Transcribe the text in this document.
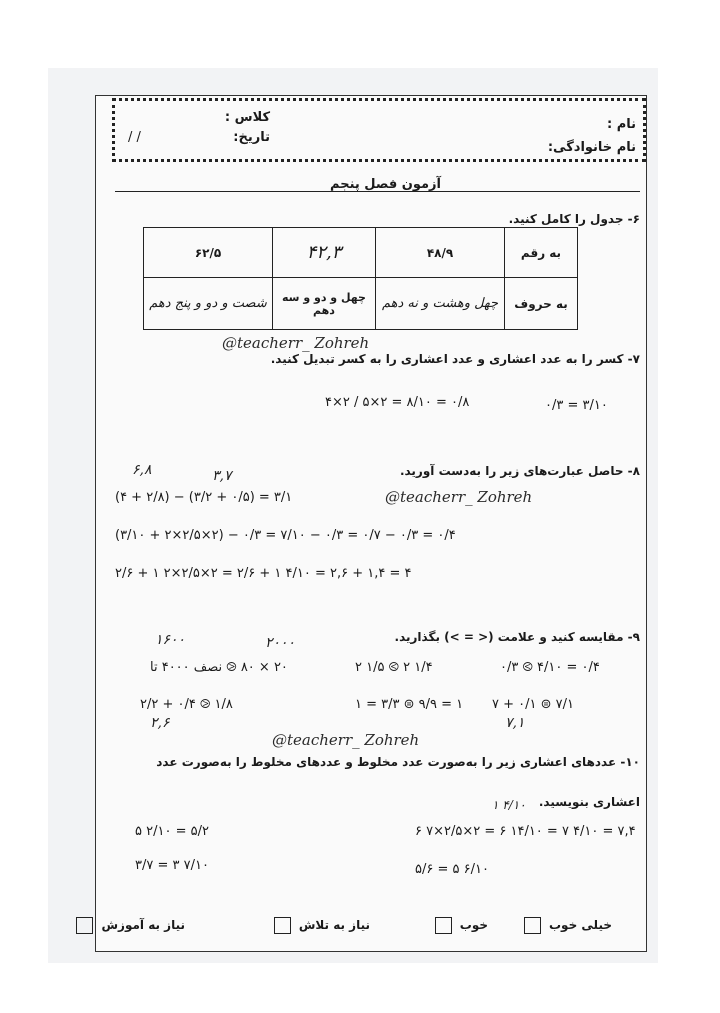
نام :
نام خانوادگی:
کلاس :
تاریخ:
/ /
آزمون فصل پنجم
۶- جدول را کامل کنید.
۶۲/۵	۴۲,۳	۴۸/۹	به رقم
شصت و دو و پنج دهم	چهل و دو و سه دهم	چهل وهشت و نه دهم	به حروف
@teacherr_ Zohreh
۷- کسر را به عدد اعشاری و عدد اعشاری را به کسر تبدیل کنید.
۴×۲ / ۵×۲ = ۸/۱۰ = ۰/۸	۰/۳ = ۳/۱۰
۸- حاصل عبارت‌های زیر را به‌دست آورید.
۶,۸	۳,۷
@teacherr_ Zohreh
(۴ + ۲/۸) − (۳/۲ + ۰/۵) = ۳/۱
(۳/۱۰ + ۲×۲/۵×۲) − ۰/۳ = ۷/۱۰ − ۰/۳ = ۰/۷ − ۰/۳ = ۰/۴
۲/۶ + ۱ ۲×۲/۵×۲ = ۲/۶ + ۱ ۴/۱۰ = ۲,۶ + ۱,۴ = ۴
۹- مقایسه کنید و علامت (< = >) بگذارید.
۱۶۰۰	۲۰۰۰
۲۰ × ۸۰ ⧀ نصف ۴۰۰۰ تا	۲ ۱/۵ ⧀ ۲ ۱/۴	۰/۳ ⧀ ۴/۱۰ = ۰/۴
۲/۲ + ۰/۴ ⧁ ۱/۸	۱ = ۳/۳ ⊜ ۹/۹ = ۱ ۷ + ۰/۱ ⊜ ۷/۱
۲,۶	۷,۱
@teacherr_ Zohreh
۱۰- عددهای اعشاری زیر را به‌صورت عدد مخلوط و عددهای مخلوط را به‌صورت عدد
اعشاری بنویسید.
۱ ۴/۱۰
۶ ۷×۲/۵×۲ = ۶ ۱۴/۱۰ = ۷ ۴/۱۰ = ۷,۴
۵ ۲/۱۰ = ۵/۲
۵/۶ = ۵ ۶/۱۰
۳/۷ = ۳ ۷/۱۰
خیلی خوب
خوب
نیاز به تلاش
نیاز به آموزش
